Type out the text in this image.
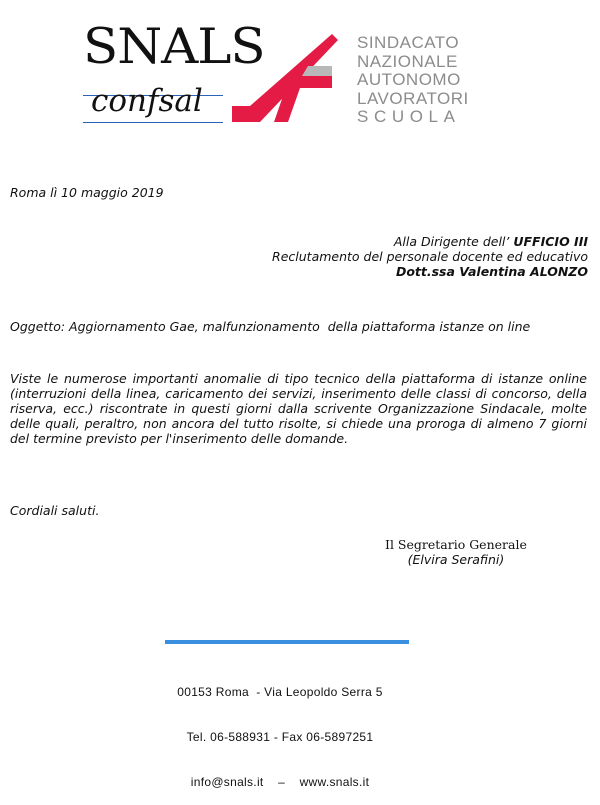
SNALS
confsal
SINDACATO
NAZIONALE
AUTONOMO
LAVORATORI
SCUOLA
Roma lì 10 maggio 2019
Alla Dirigente dell’ UFFICIO III
Reclutamento del personale docente ed educativo
Dott.ssa Valentina ALONZO
Oggetto: Aggiornamento Gae, malfunzionamento  della piattaforma istanze on line
Viste le numerose importanti anomalie di tipo tecnico della piattaforma di istanze online (interruzioni della linea, caricamento dei servizi, inserimento delle classi di concorso, della riserva, ecc.) riscontrate in questi giorni dalla scrivente Organizzazione Sindacale, molte delle quali, peraltro, non ancora del tutto risolte, si chiede una proroga di almeno 7 giorni del termine previsto per l'inserimento delle domande.
Cordiali saluti.
Il Segretario Generale
(Elvira Serafini)

00153 Roma  - Via Leopoldo Serra 5

Tel. 06-588931 - Fax 06-5897251

info@snals.it    –    www.snals.it
